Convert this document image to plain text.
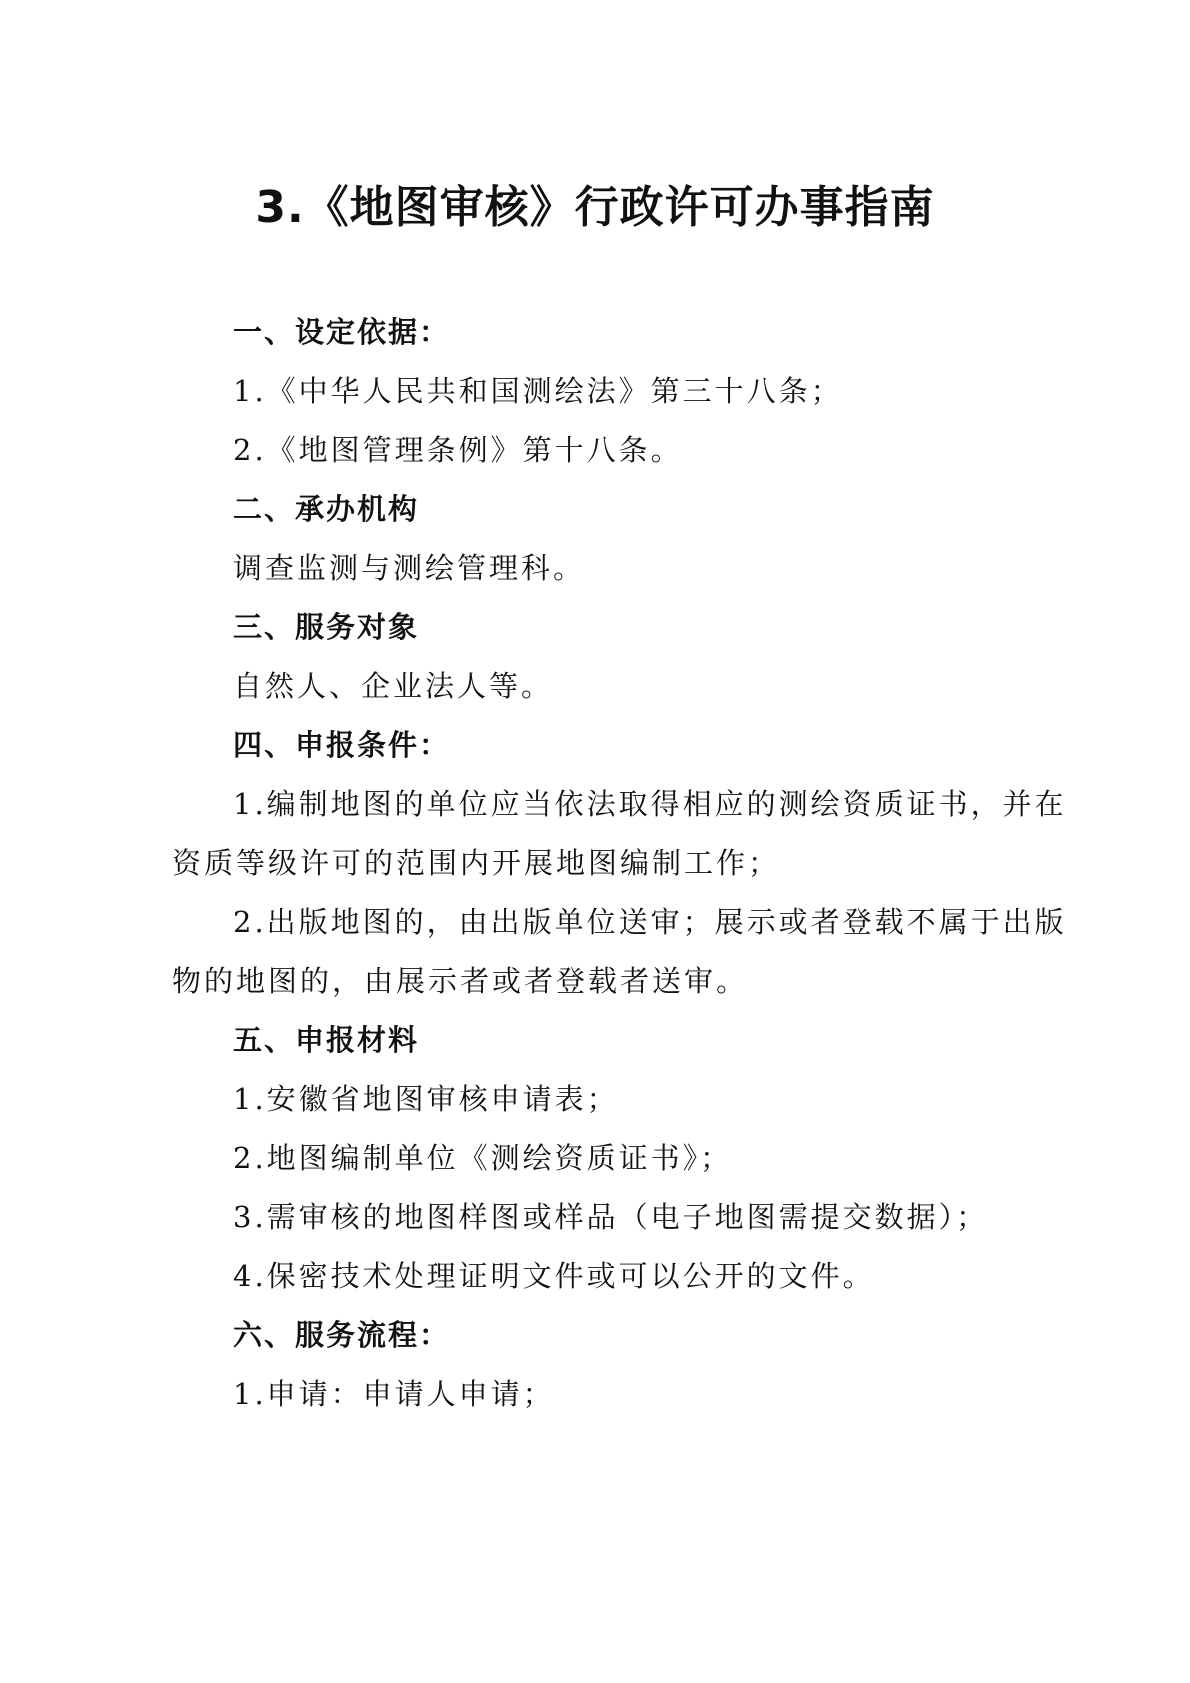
3.《地图审核》行政许可办事指南
一、设定依据：
1.《中华人民共和国测绘法》第三十八条；
2.《地图管理条例》第十八条。
二、承办机构
调查监测与测绘管理科。
三、服务对象
自然人、企业法人等。
四、申报条件：
1.编制地图的单位应当依法取得相应的测绘资质证书，并在
资质等级许可的范围内开展地图编制工作；
2.出版地图的，由出版单位送审；展示或者登载不属于出版
物的地图的，由展示者或者登载者送审。
五、申报材料
1.安徽省地图审核申请表；
2.地图编制单位《测绘资质证书》；
3.需审核的地图样图或样品（电子地图需提交数据）；
4.保密技术处理证明文件或可以公开的文件。
六、服务流程：
1.申请：申请人申请；
